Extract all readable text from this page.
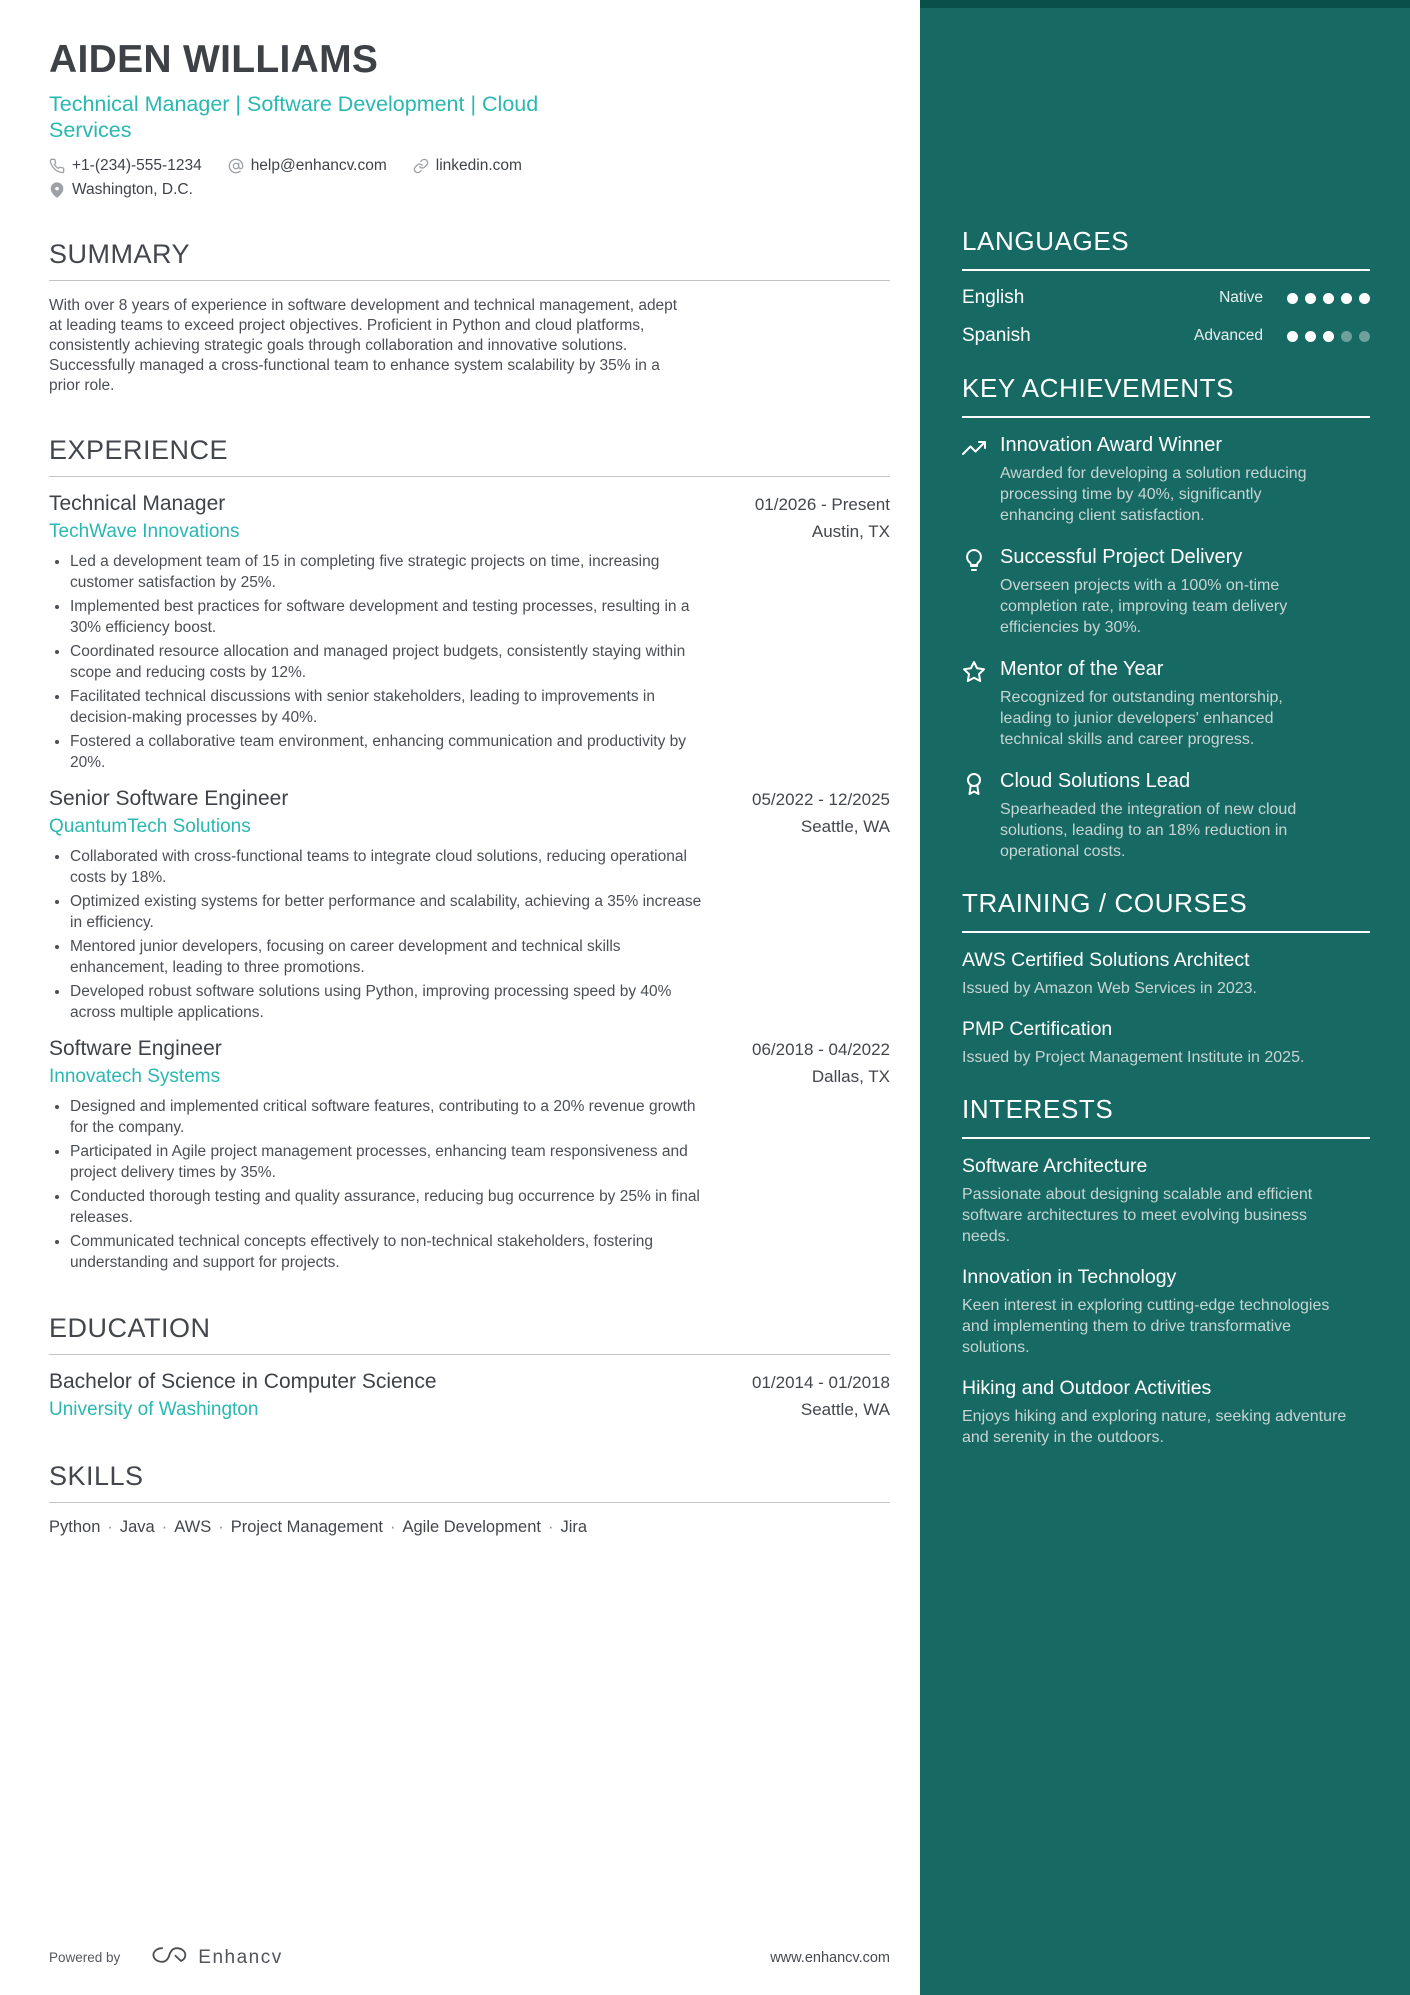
LANGUAGES
English	Native
Spanish	Advanced
KEY ACHIEVEMENTS
Innovation Award Winner
Awarded for developing a solution reducing processing time by 40%, significantly enhancing client satisfaction.
Successful Project Delivery
Overseen projects with a 100% on-time completion rate, improving team delivery efficiencies by 30%.
Mentor of the Year
Recognized for outstanding mentorship, leading to junior developers' enhanced technical skills and career progress.
Cloud Solutions Lead
Spearheaded the integration of new cloud solutions, leading to an 18% reduction in operational costs.
TRAINING / COURSES
AWS Certified Solutions Architect
Issued by Amazon Web Services in 2023.
PMP Certification
Issued by Project Management Institute in 2025.
INTERESTS
Software Architecture
Passionate about designing scalable and efficient software architectures to meet evolving business needs.
Innovation in Technology
Keen interest in exploring cutting-edge technologies and implementing them to drive transformative solutions.
Hiking and Outdoor Activities
Enjoys hiking and exploring nature, seeking adventure and serenity in the outdoors.
AIDEN WILLIAMS
Technical Manager | Software Development | Cloud Services
+1-(234)-555-1234	help@enhancv.com	linkedin.com
Washington, D.C.
SUMMARY

With over 8 years of experience in software development and technical management, adept at leading teams to exceed project objectives. Proficient in Python and cloud platforms, consistently achieving strategic goals through collaboration and innovative solutions. Successfully managed a cross-functional team to enhance system scalability by 35% in a prior role.

EXPERIENCE
Technical Manager	01/2026 - Present
TechWave Innovations	Austin, TX
• Led a development team of 15 in completing five strategic projects on time, increasing customer satisfaction by 25%.
• Implemented best practices for software development and testing processes, resulting in a 30% efficiency boost.
• Coordinated resource allocation and managed project budgets, consistently staying within scope and reducing costs by 12%.
• Facilitated technical discussions with senior stakeholders, leading to improvements in decision-making processes by 40%.
• Fostered a collaborative team environment, enhancing communication and productivity by 20%.
Senior Software Engineer	05/2022 - 12/2025
QuantumTech Solutions	Seattle, WA
• Collaborated with cross-functional teams to integrate cloud solutions, reducing operational costs by 18%.
• Optimized existing systems for better performance and scalability, achieving a 35% increase in efficiency.
• Mentored junior developers, focusing on career development and technical skills enhancement, leading to three promotions.
• Developed robust software solutions using Python, improving processing speed by 40% across multiple applications.
Software Engineer	06/2018 - 04/2022
Innovatech Systems	Dallas, TX
• Designed and implemented critical software features, contributing to a 20% revenue growth for the company.
• Participated in Agile project management processes, enhancing team responsiveness and project delivery times by 35%.
• Conducted thorough testing and quality assurance, reducing bug occurrence by 25% in final releases.
• Communicated technical concepts effectively to non-technical stakeholders, fostering understanding and support for projects.
EDUCATION
Bachelor of Science in Computer Science	01/2014 - 01/2018
University of Washington	Seattle, WA
SKILLS
Python · Java · AWS · Project Management · Agile Development · Jira
Powered by	Enhancv	www.enhancv.com
